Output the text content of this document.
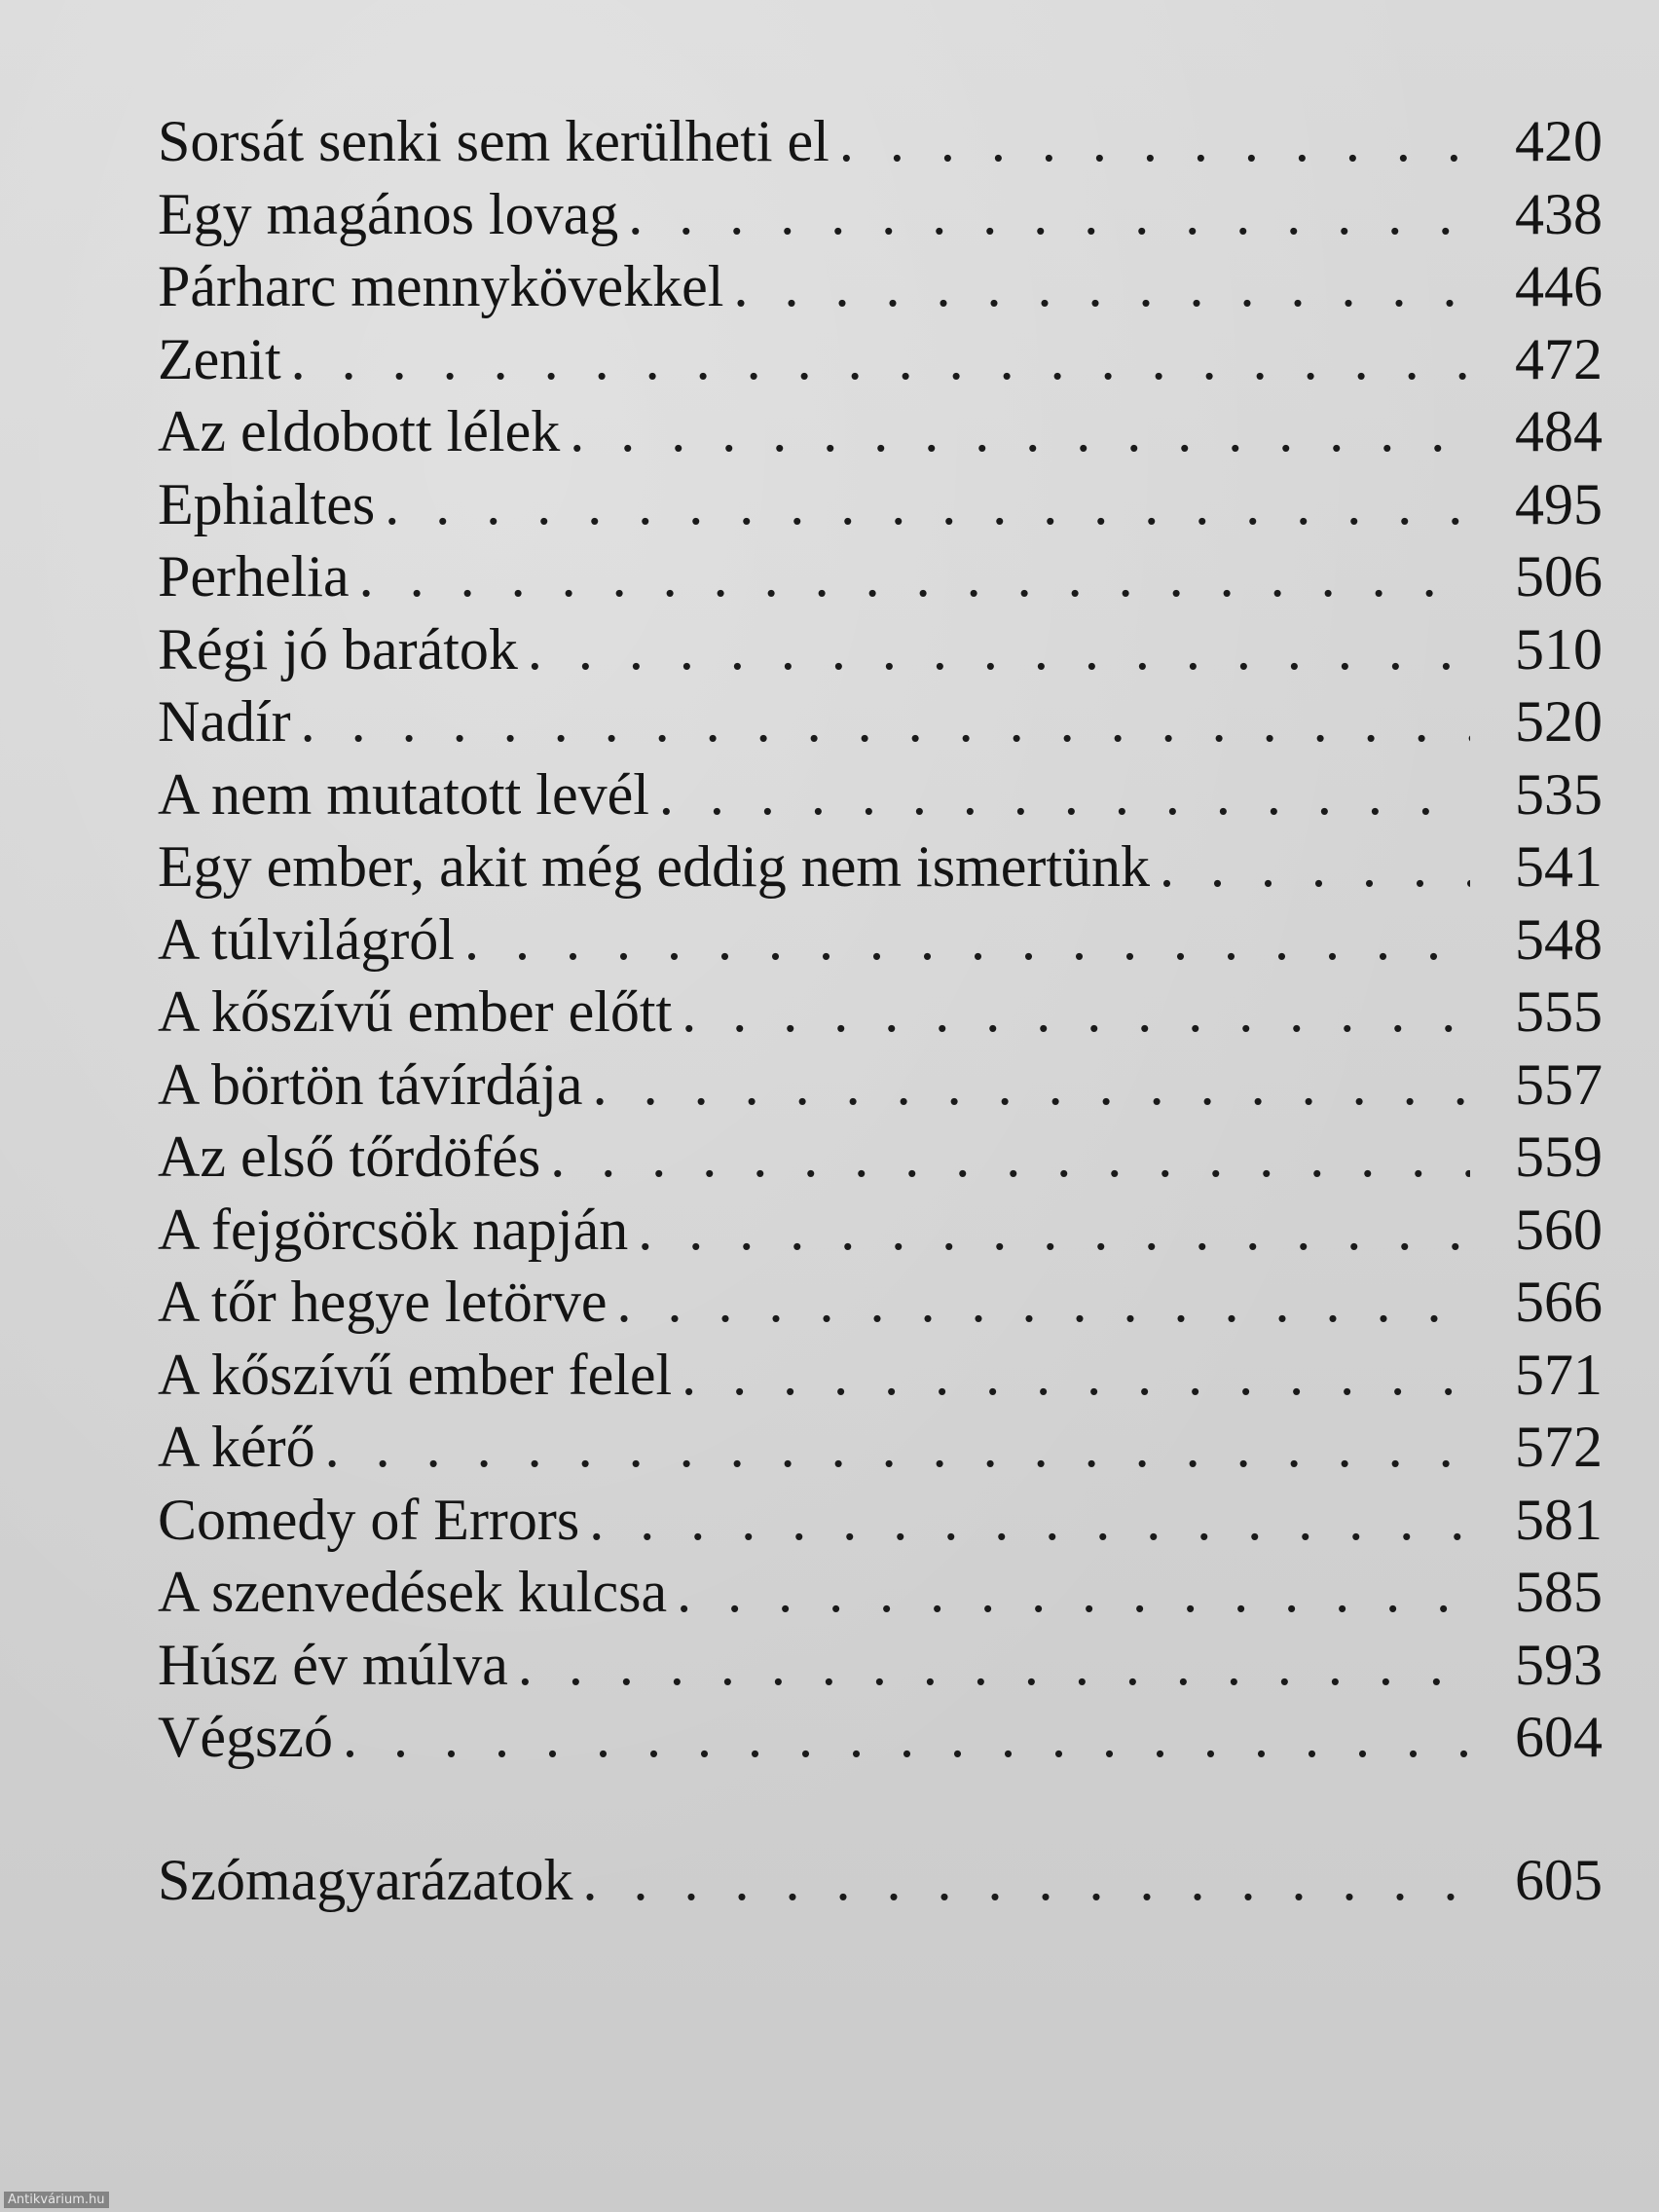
Sorsát senki sem kerülheti el . . .	420
Egy magános lovag . . .	438
Párharc mennykövekkel . . .	446
Zenit . . .	472
Az eldobott lélek . . .	484
Ephialtes . . .	495
Perhelia . . .	506
Régi jó barátok . . .	510
Nadír . . .	520
A nem mutatott levél . . .	535
Egy ember, akit még eddig nem ismertünk . . .	541
A túlvilágról . . .	548
A kőszívű ember előtt . . .	555
A börtön távírdája . . .	557
Az első tőrdöfés . . .	559
A fejgörcsök napján . . .	560
A tőr hegye letörve . . .	566
A kőszívű ember felel . . .	571
A kérő . . .	572
Comedy of Errors . . .	581
A szenvedések kulcsa . . .	585
Húsz év múlva . . .	593
Végszó . . .	604
Szómagyarázatok . . .	605
Antikvárium.hu
